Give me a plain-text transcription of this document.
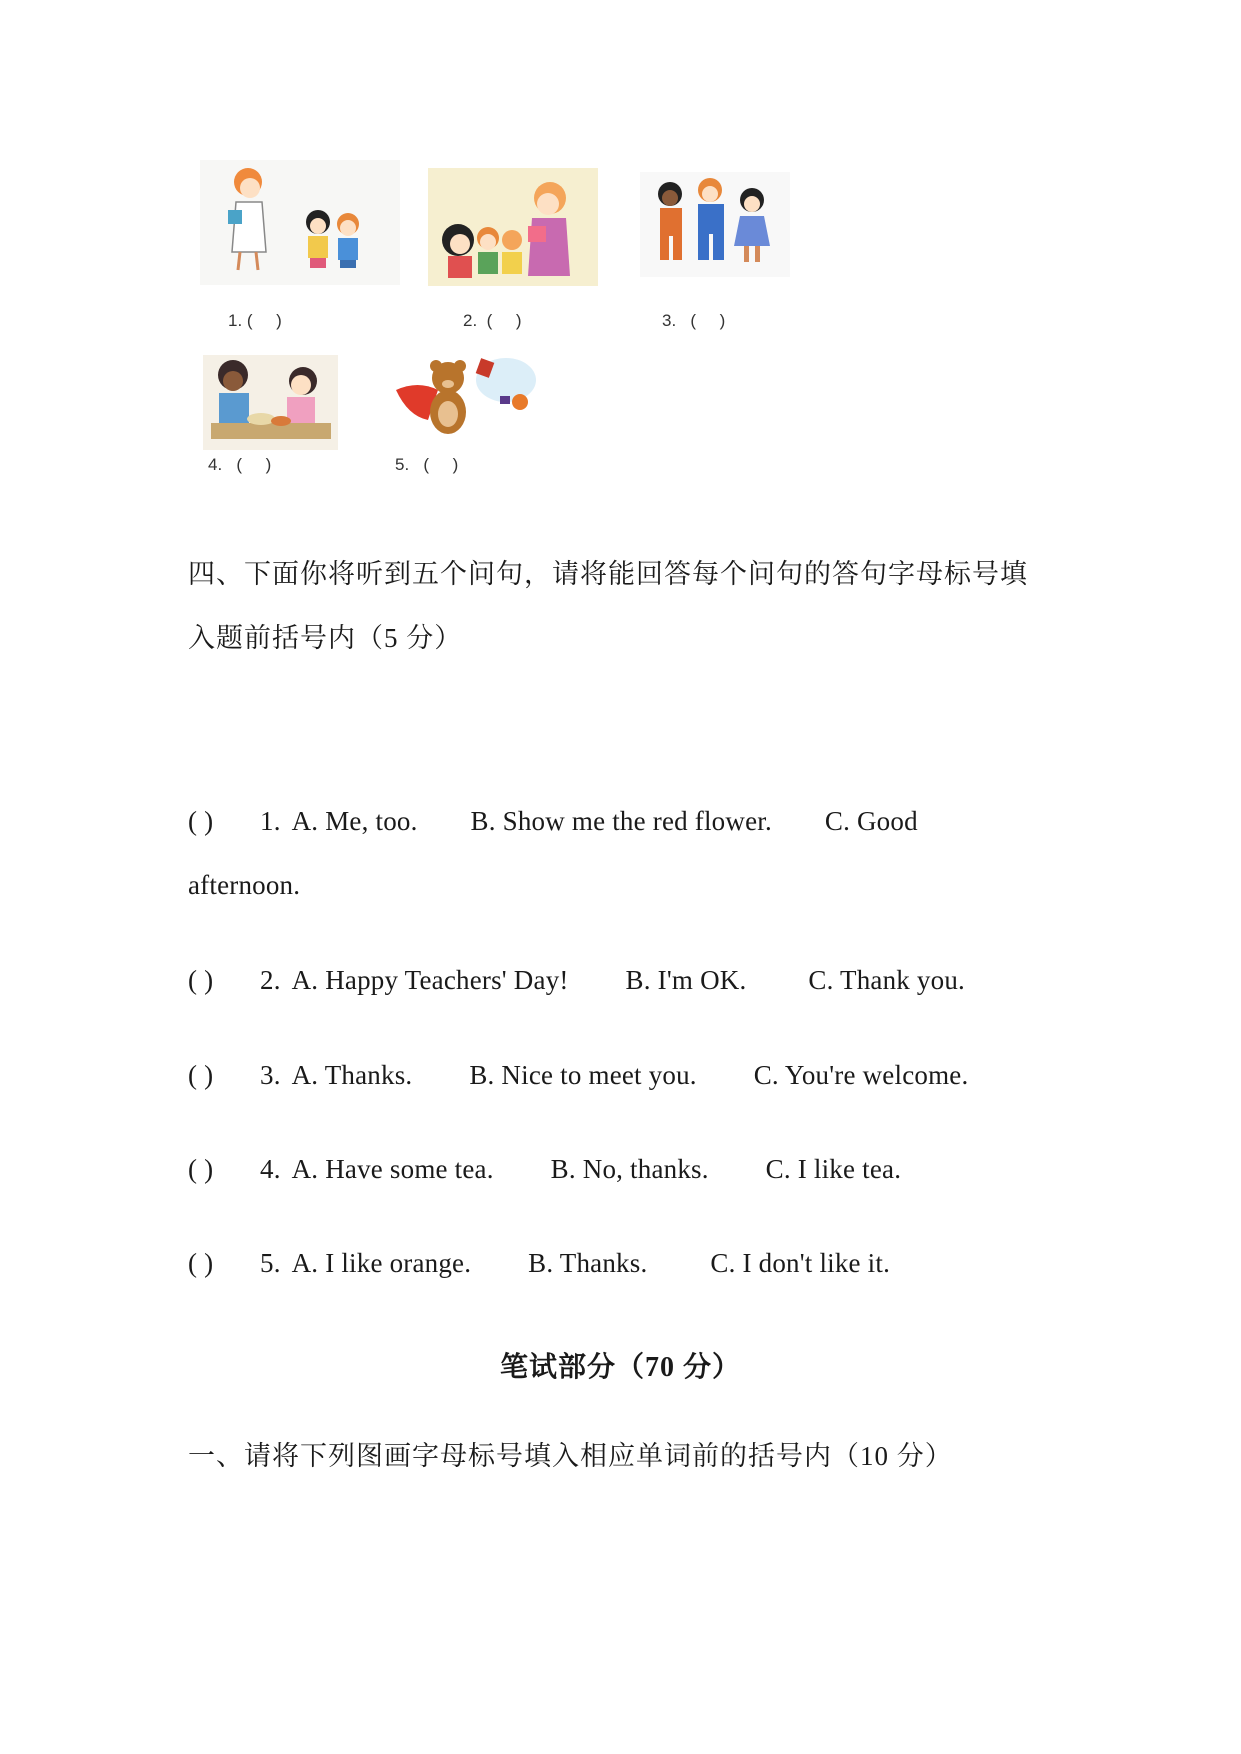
1. (     )	2.  (     )	3.   (     )
4.   (     )	5.   (     )
四、下面你将听到五个问句，请将能回答每个问句的答句字母标号填
入题前括号内（5 分）
( ) 1. A. Me, too. B. Show me the red flower. C. Good
afternoon.
( ) 2. A. Happy Teachers' Day! B. I'm OK. C. Thank you.
( ) 3. A. Thanks. B. Nice to meet you. C. You're welcome.
( ) 4. A. Have some tea. B. No, thanks. C. I like tea.
( ) 5. A. I like orange. B. Thanks. C. I don't like it.
笔试部分（70 分）
一、请将下列图画字母标号填入相应单词前的括号内（10 分）
